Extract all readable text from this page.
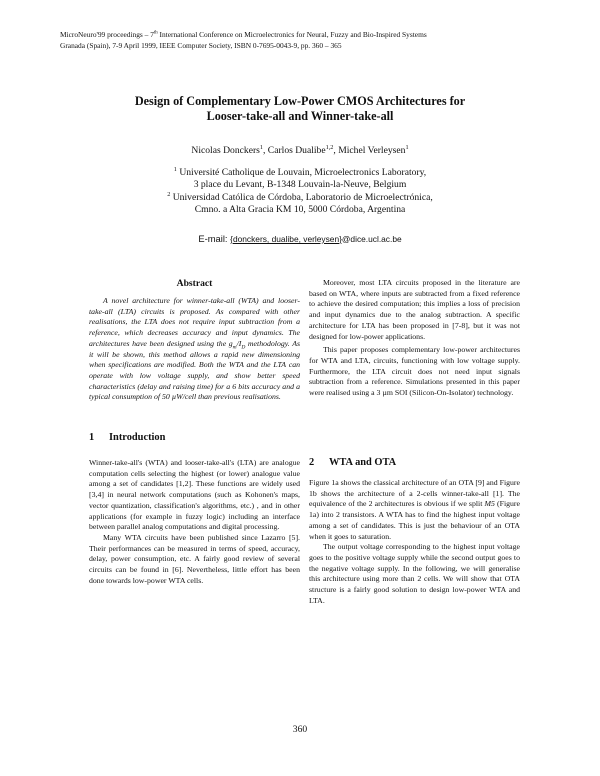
MicroNeuro'99 proceedings – 7th International Conference on Microelectronics for Neural, Fuzzy and Bio-Inspired Systems
Granada (Spain), 7-9 April 1999, IEEE Computer Society, ISBN 0-7695-0043-9, pp. 360 – 365
Design of Complementary Low-Power CMOS Architectures for
Looser-take-all and Winner-take-all
Nicolas Donckers$^1$, Carlos Dualibe$^{1,2}$, Michel Verleysen$^1$
$^1$ Université Catholique de Louvain, Microelectronics Laboratory,
3 place du Levant, B-1348 Louvain-la-Neuve, Belgium
$^2$ Universidad Católica de Córdoba, Laboratorio de Microelectrónica,
Cmno. a Alta Gracia KM 10, 5000 Córdoba, Argentina
E-mail: {donckers, dualibe, verleysen}@dice.ucl.ac.be
Abstract

A novel architecture for winner-take-all (WTA) and looser-take-all (LTA) circuits is proposed. As compared with other realisations, the LTA does not require input subtraction from a reference, which decreases accuracy and input dynamics. The architectures have been designed using the $g_m/I_D$ methodology. As it will be shown, this method allows a rapid new dimensioning when specifications are modified. Both the WTA and the LTA can operate with low voltage supply, and show better speed characteristics (delay and raising time) for a 6 bits accuracy and a typical consumption of 50 µW/cell than previous realisations.

1 Introduction

Winner-take-all's (WTA) and looser-take-all's (LTA) are analogue computation cells selecting the highest (or lower) analogue value among a set of candidates [1,2]. These functions are widely used [3,4] in neural network computations (such as Kohonen's maps, vector quantization, classification's algorithms, etc.) , and in other applications (for example in fuzzy logic) including an interface between parallel analog computations and digital processing.

Many WTA circuits have been published since Lazarro [5]. Their performances can be measured in terms of speed, accuracy, delay, power consumption, etc. A fairly good review of several circuits can be found in [6]. Nevertheless, little effort has been done towards low-power WTA cells.

Moreover, most LTA circuits proposed in the literature are based on WTA, where inputs are subtracted from a fixed reference to achieve the desired computation; this implies a loss of precision and input dynamics due to the analog subtraction. A specific architecture for LTA has been proposed in [7-8], but it was not designed for low-power applications.

This paper proposes complementary low-power architectures for WTA and LTA, circuits, functioning with low voltage supply. Furthermore, the LTA circuit does not need input signals subtraction from a reference. Simulations presented in this paper were realised using a 3 µm SOI (Silicon-On-Isolator) technology.

2 WTA and OTA

Figure 1a shows the classical architecture of an OTA [9] and Figure 1b shows the architecture of a 2-cells winner-take-all [1]. The equivalence of the 2 architectures is obvious if we split M5 (Figure 1a) into 2 transistors. A WTA has to find the highest input voltage among a set of candidates. This is just the behaviour of an OTA when it goes to saturation.

The output voltage corresponding to the highest input voltage goes to the positive voltage supply while the second output goes to the negative voltage supply. In the following, we will generalise this architecture using more than 2 cells. We will show that OTA structure is a fairly good solution to design low-power WTA and LTA.

360
